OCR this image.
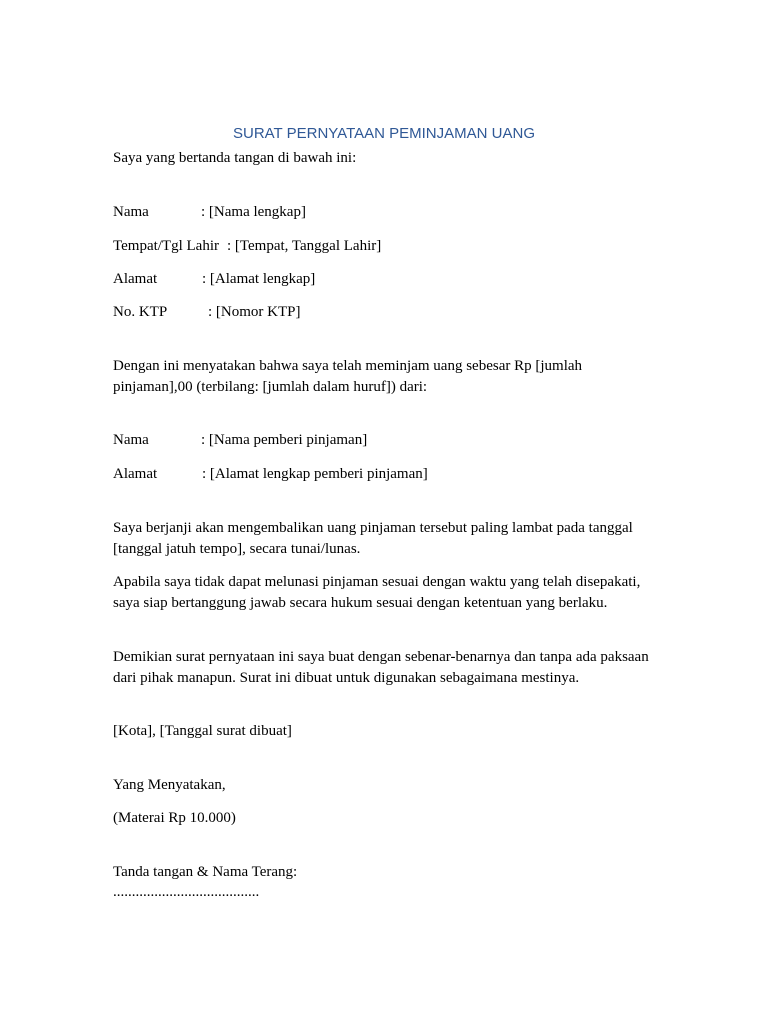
SURAT PERNYATAAN PEMINJAMAN UANG
Saya yang bertanda tangan di bawah ini:
Nama	: [Nama lengkap]
Tempat/Tgl Lahir : [Tempat, Tanggal Lahir]
Alamat	: [Alamat lengkap]
No. KTP	: [Nomor KTP]
Dengan ini menyatakan bahwa saya telah meminjam uang sebesar Rp [jumlah pinjaman],00 (terbilang: [jumlah dalam huruf]) dari:
Nama	: [Nama pemberi pinjaman]
Alamat	: [Alamat lengkap pemberi pinjaman]
Saya berjanji akan mengembalikan uang pinjaman tersebut paling lambat pada tanggal [tanggal jatuh tempo], secara tunai/lunas.
Apabila saya tidak dapat melunasi pinjaman sesuai dengan waktu yang telah disepakati, saya siap bertanggung jawab secara hukum sesuai dengan ketentuan yang berlaku.
Demikian surat pernyataan ini saya buat dengan sebenar-benarnya dan tanpa ada paksaan dari pihak manapun. Surat ini dibuat untuk digunakan sebagaimana mestinya.
[Kota], [Tanggal surat dibuat]
Yang Menyatakan,
(Materai Rp 10.000)
Tanda tangan & Nama Terang:
.......................................
